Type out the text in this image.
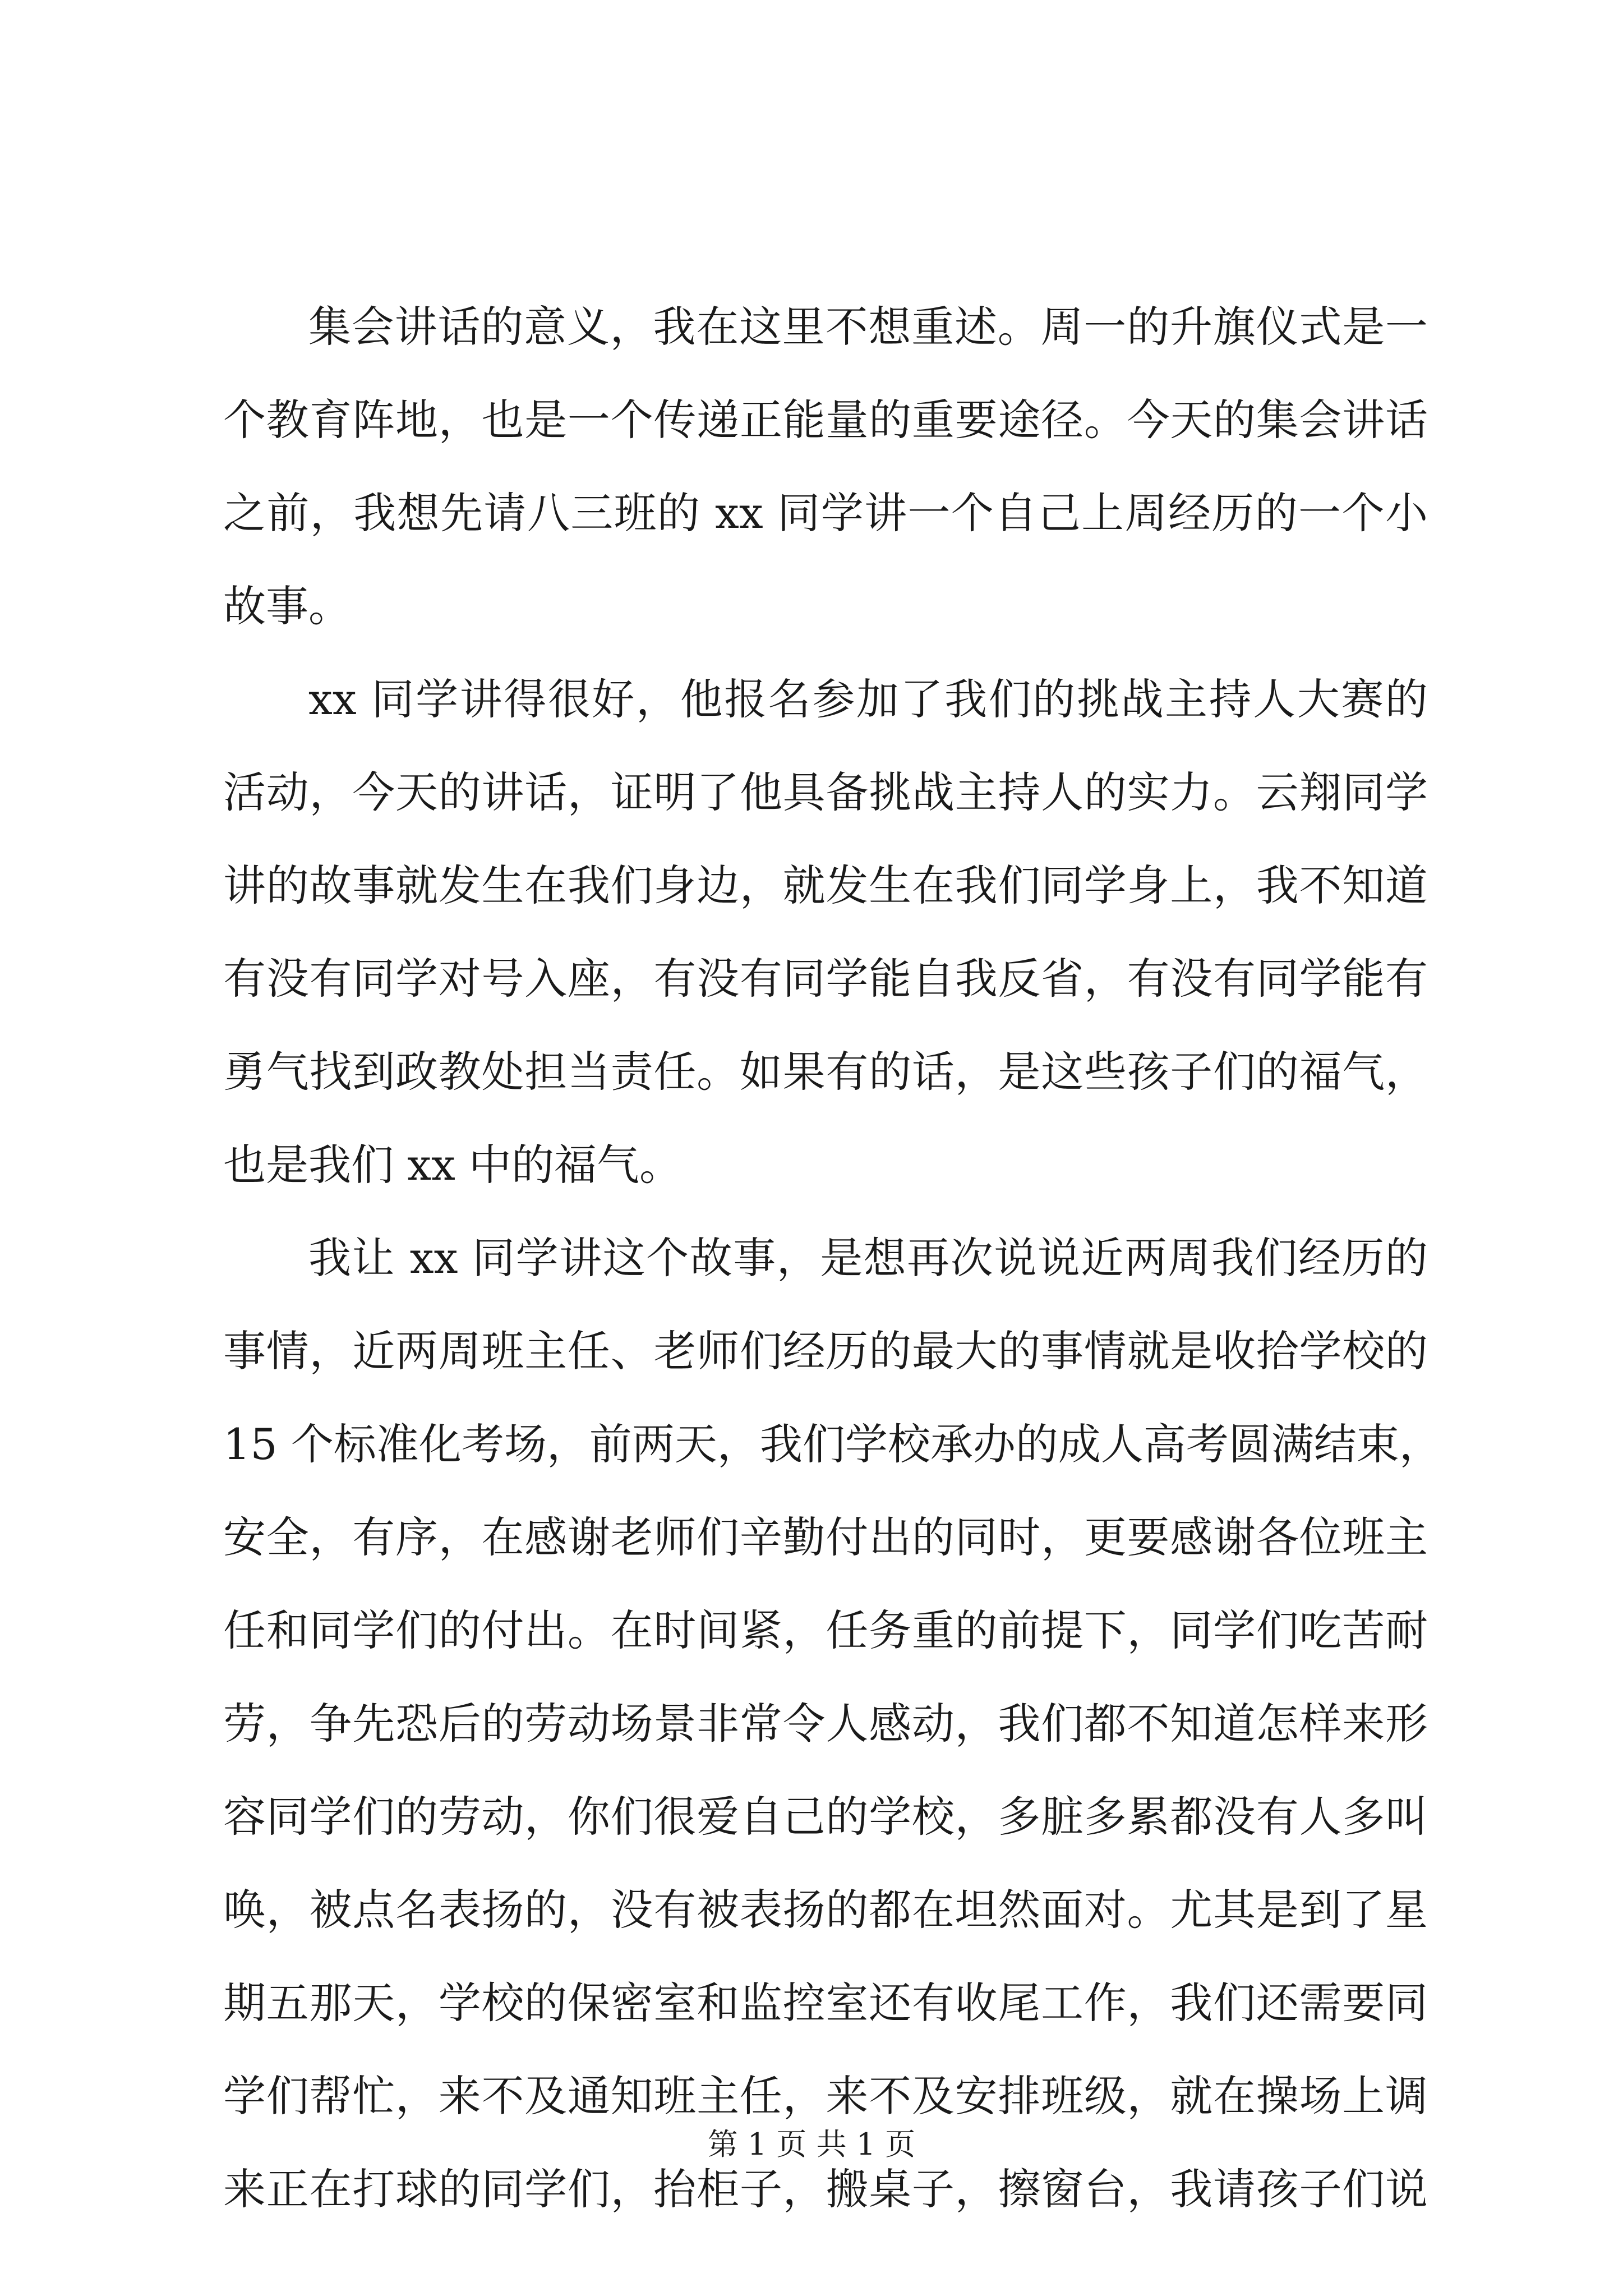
集会讲话的意义，我在这里不想重述。周一的升旗仪式是一
个教育阵地，也是一个传递正能量的重要途径。今天的集会讲话
之前，我想先请八三班的 xx 同学讲一个自己上周经历的一个小
故事。

xx 同学讲得很好，他报名参加了我们的挑战主持人大赛的
活动，今天的讲话，证明了他具备挑战主持人的实力。云翔同学
讲的故事就发生在我们身边，就发生在我们同学身上，我不知道
有没有同学对号入座，有没有同学能自我反省，有没有同学能有
勇气找到政教处担当责任。如果有的话，是这些孩子们的福气，
也是我们 xx 中的福气。

我让 xx 同学讲这个故事，是想再次说说近两周我们经历的
事情，近两周班主任、老师们经历的最大的事情就是收拾学校的
15 个标准化考场，前两天，我们学校承办的成人高考圆满结束，
安全，有序，在感谢老师们辛勤付出的同时，更要感谢各位班主
任和同学们的付出。在时间紧，任务重的前提下，同学们吃苦耐
劳，争先恐后的劳动场景非常令人感动，我们都不知道怎样来形
容同学们的劳动，你们很爱自己的学校，多脏多累都没有人多叫
唤，被点名表扬的，没有被表扬的都在坦然面对。尤其是到了星
期五那天，学校的保密室和监控室还有收尾工作，我们还需要同
学们帮忙，来不及通知班主任，来不及安排班级，就在操场上调
来正在打球的同学们，抬柜子，搬桌子，擦窗台，我请孩子们说

第 1 页 共 1 页
